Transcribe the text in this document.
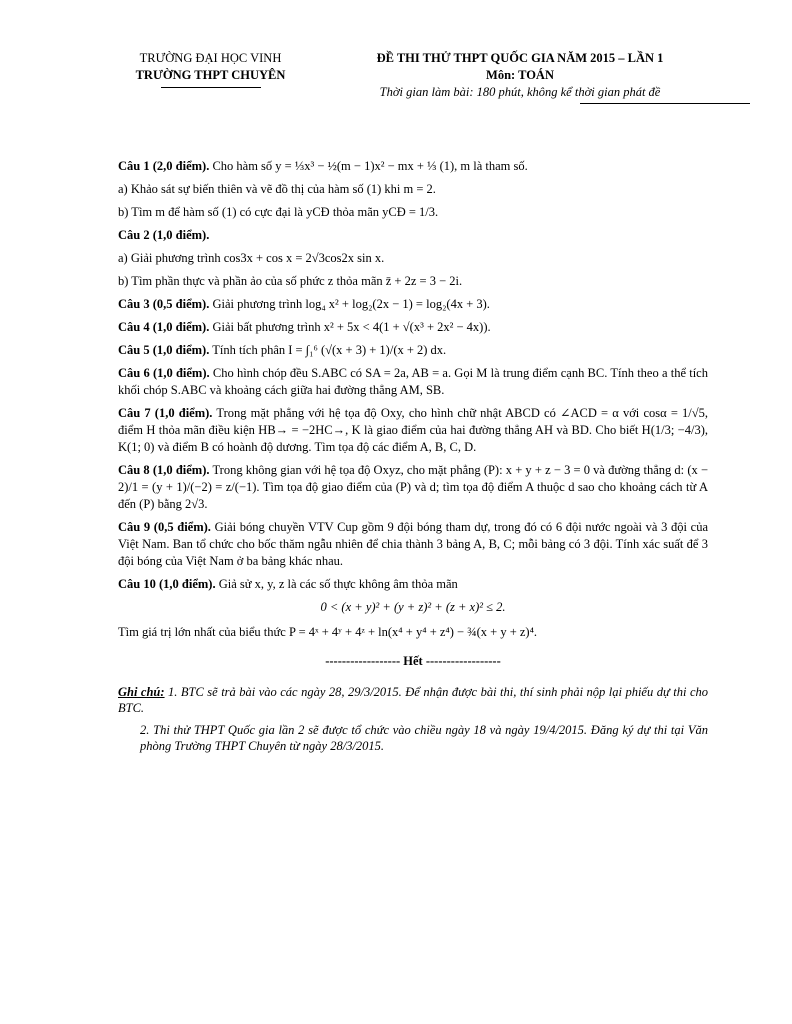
TRƯỜNG ĐẠI HỌC VINH
TRƯỜNG THPT CHUYÊN
ĐỀ THI THỬ THPT QUỐC GIA NĂM 2015 – LẦN 1
Môn: TOÁN
Thời gian làm bài: 180 phút, không kể thời gian phát đề
Câu 1 (2,0 điểm). Cho hàm số y = ⅓x³ − ½(m − 1)x² − mx + ⅓ (1), m là tham số.
a) Khảo sát sự biến thiên và vẽ đồ thị của hàm số (1) khi m = 2.
b) Tìm m để hàm số (1) có cực đại là yCĐ thỏa mãn yCĐ = 1/3.
Câu 2 (1,0 điểm).
a) Giải phương trình cos3x + cos x = 2√3cos2x sin x.
b) Tìm phần thực và phần ảo của số phức z thỏa mãn z̄ + 2z = 3 − 2i.
Câu 3 (0,5 điểm). Giải phương trình log₄ x² + log₂(2x − 1) = log₂(4x + 3).
Câu 4 (1,0 điểm). Giải bất phương trình x² + 5x < 4(1 + √(x³ + 2x² − 4x)).
Câu 5 (1,0 điểm). Tính tích phân I = ∫₁⁶ (√(x + 3) + 1)/(x + 2) dx.
Câu 6 (1,0 điểm). Cho hình chóp đều S.ABC có SA = 2a, AB = a. Gọi M là trung điểm cạnh BC. Tính theo a thể tích khối chóp S.ABC và khoảng cách giữa hai đường thẳng AM, SB.
Câu 7 (1,0 điểm). Trong mặt phẳng với hệ tọa độ Oxy, cho hình chữ nhật ABCD có ∠ACD = α với cosα = 1/√5, điểm H thỏa mãn điều kiện HB→ = −2HC→, K là giao điểm của hai đường thẳng AH và BD. Cho biết H(1/3; −4/3), K(1; 0) và điểm B có hoành độ dương. Tìm tọa độ các điểm A, B, C, D.
Câu 8 (1,0 điểm). Trong không gian với hệ tọa độ Oxyz, cho mặt phẳng (P): x + y + z − 3 = 0 và đường thẳng d: (x − 2)/1 = (y + 1)/(−2) = z/(−1). Tìm tọa độ giao điểm của (P) và d; tìm tọa độ điểm A thuộc d sao cho khoảng cách từ A đến (P) bằng 2√3.
Câu 9 (0,5 điểm). Giải bóng chuyền VTV Cup gồm 9 đội bóng tham dự, trong đó có 6 đội nước ngoài và 3 đội của Việt Nam. Ban tổ chức cho bốc thăm ngẫu nhiên để chia thành 3 bảng A, B, C; mỗi bảng có 3 đội. Tính xác suất để 3 đội bóng của Việt Nam ở ba bảng khác nhau.
Câu 10 (1,0 điểm). Giả sử x, y, z là các số thực không âm thỏa mãn
0 < (x + y)² + (y + z)² + (z + x)² ≤ 2.
Tìm giá trị lớn nhất của biểu thức P = 4ˣ + 4ʸ + 4ᶻ + ln(x⁴ + y⁴ + z⁴) − ¾(x + y + z)⁴.
------------------ Hết ------------------

Ghi chú: 1. BTC sẽ trả bài vào các ngày 28, 29/3/2015. Để nhận được bài thi, thí sinh phải nộp lại phiếu dự thi cho BTC.

2. Thi thử THPT Quốc gia lần 2 sẽ được tổ chức vào chiều ngày 18 và ngày 19/4/2015. Đăng ký dự thi tại Văn phòng Trường THPT Chuyên từ ngày 28/3/2015.
